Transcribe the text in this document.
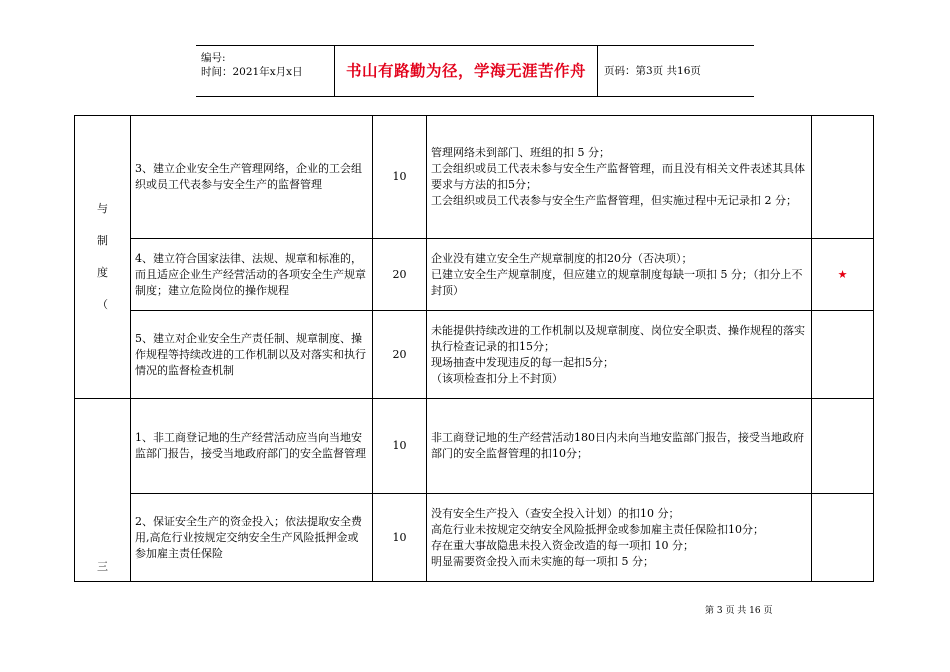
编号:
时间：2021年x月x日	书山有路勤为径，学海无涯苦作舟	页码：第3页 共16页
与
制
度
（	3、建立企业安全生产管理网络，企业的工会组织或员工代表参与安全生产的监督管理	10	管理网络未到部门、班组的扣 5 分；
工会组织或员工代表未参与安全生产监督管理，而且没有相关文件表述其具体要求与方法的扣5分；
工会组织或员工代表参与安全生产监督管理，但实施过程中无记录扣 2 分；	
	4、建立符合国家法律、法规、规章和标准的，而且适应企业生产经营活动的各项安全生产规章制度；建立危险岗位的操作规程	20	企业没有建立安全生产规章制度的扣20分（否决项）；
已建立安全生产规章制度，但应建立的规章制度每缺一项扣 5 分；（扣分上不封顶）	★
	5、建立对企业安全生产责任制、规章制度、操作规程等持续改进的工作机制以及对落实和执行情况的监督检查机制	20	未能提供持续改进的工作机制以及规章制度、岗位安全职责、操作规程的落实执行检查记录的扣15分；
现场抽查中发现违反的每一起扣5分；
（该项检查扣分上不封顶）	
三	1、非工商登记地的生产经营活动应当向当地安监部门报告，接受当地政府部门的安全监督管理	10	非工商登记地的生产经营活动180日内未向当地安监部门报告，接受当地政府部门的安全监督管理的扣10分；	
	2、保证安全生产的资金投入；依法提取安全费用,高危行业按规定交纳安全生产风险抵押金或参加雇主责任保险	10	没有安全生产投入（查安全投入计划）的扣10 分；
高危行业未按规定交纳安全风险抵押金或参加雇主责任保险扣10分；
存在重大事故隐患未投入资金改造的每一项扣 10 分；
明显需要资金投入而未实施的每一项扣 5 分；	
第 3 页 共 16 页
